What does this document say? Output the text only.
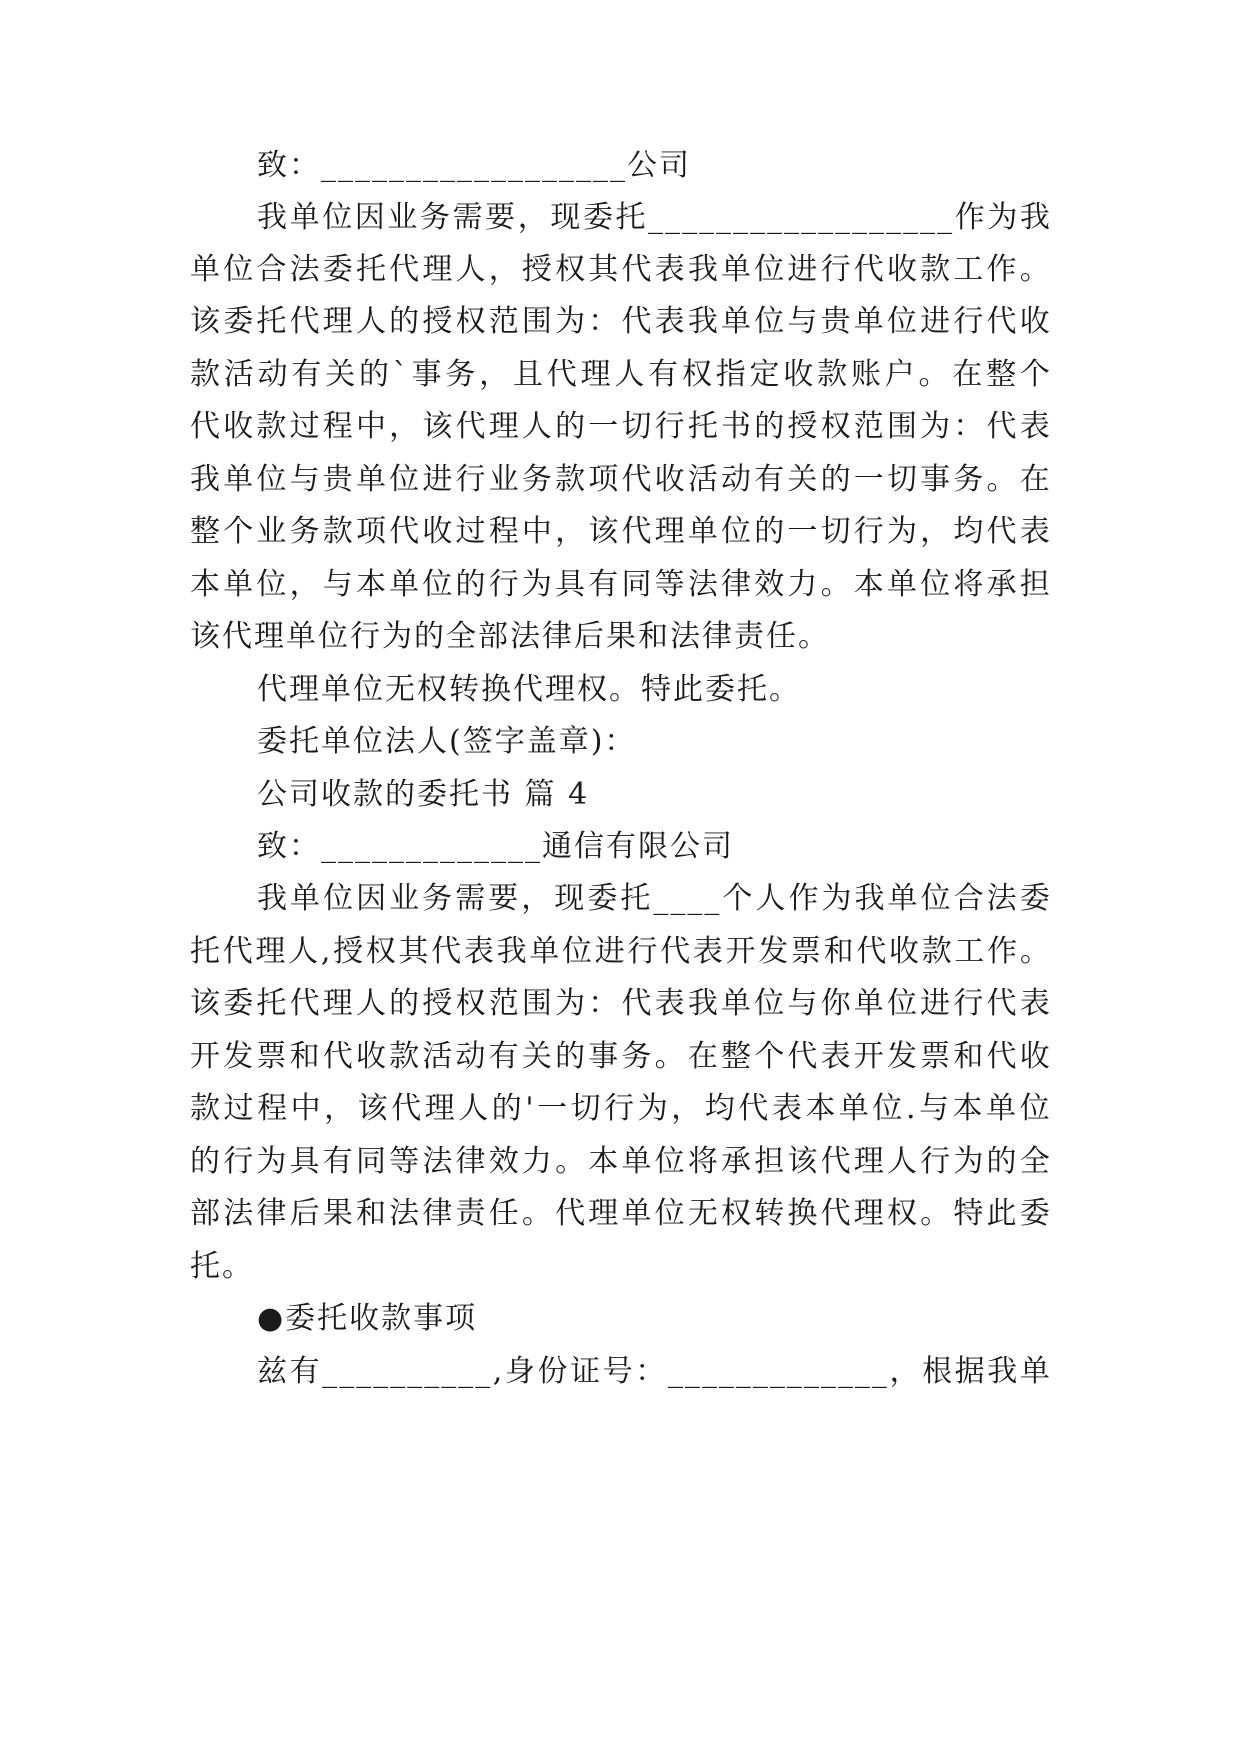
致：__________________公司
我 单 位 因 业 务 需 要 ， 现 委 托 __________________ 作 为 我
单 位 合 法 委 托 代 理 人 ， 授 权 其 代 表 我 单 位 进 行 代 收 款 工 作 。
该 委 托 代 理 人 的 授 权 范 围 为 ： 代 表 我 单 位 与 贵 单 位 进 行 代 收
款 活 动 有 关 的 ` 事 务 ， 且 代 理 人 有 权 指 定 收 款 账 户 。 在 整 个
代 收 款 过 程 中 ， 该 代 理 人 的 一 切 行 托 书 的 授 权 范 围 为 ： 代 表
我 单 位 与 贵 单 位 进 行 业 务 款 项 代 收 活 动 有 关 的 一 切 事 务 。 在
整 个 业 务 款 项 代 收 过 程 中 ， 该 代 理 单 位 的 一 切 行 为 ， 均 代 表
本 单 位 ， 与 本 单 位 的 行 为 具 有 同 等 法 律 效 力 。 本 单 位 将 承 担
该代理单位行为的全部法律后果和法律责任。
代理单位无权转换代理权。特此委托。
委托单位法人(签字盖章)：
公司收款的委托书 篇 4
致：_____________通信有限公司
我 单 位 因 业 务 需 要 ， 现 委 托 ____ 个 人 作 为 我 单 位 合 法 委
托 代 理 人 , 授 权 其 代 表 我 单 位 进 行 代 表 开 发 票 和 代 收 款 工 作 。
该 委 托 代 理 人 的 授 权 范 围 为 ： 代 表 我 单 位 与 你 单 位 进 行 代 表
开 发 票 和 代 收 款 活 动 有 关 的 事 务 。 在 整 个 代 表 开 发 票 和 代 收
款 过 程 中 ， 该 代 理 人 的 ' 一 切 行 为 ， 均 代 表 本 单 位 . 与 本 单 位
的 行 为 具 有 同 等 法 律 效 力 。 本 单 位 将 承 担 该 代 理 人 行 为 的 全
部 法 律 后 果 和 法 律 责 任 。 代 理 单 位 无 权 转 换 代 理 权 。 特 此 委
托。
●委托收款事项
兹 有 __________ , 身 份 证 号 ： _____________ ， 根 据 我 单
